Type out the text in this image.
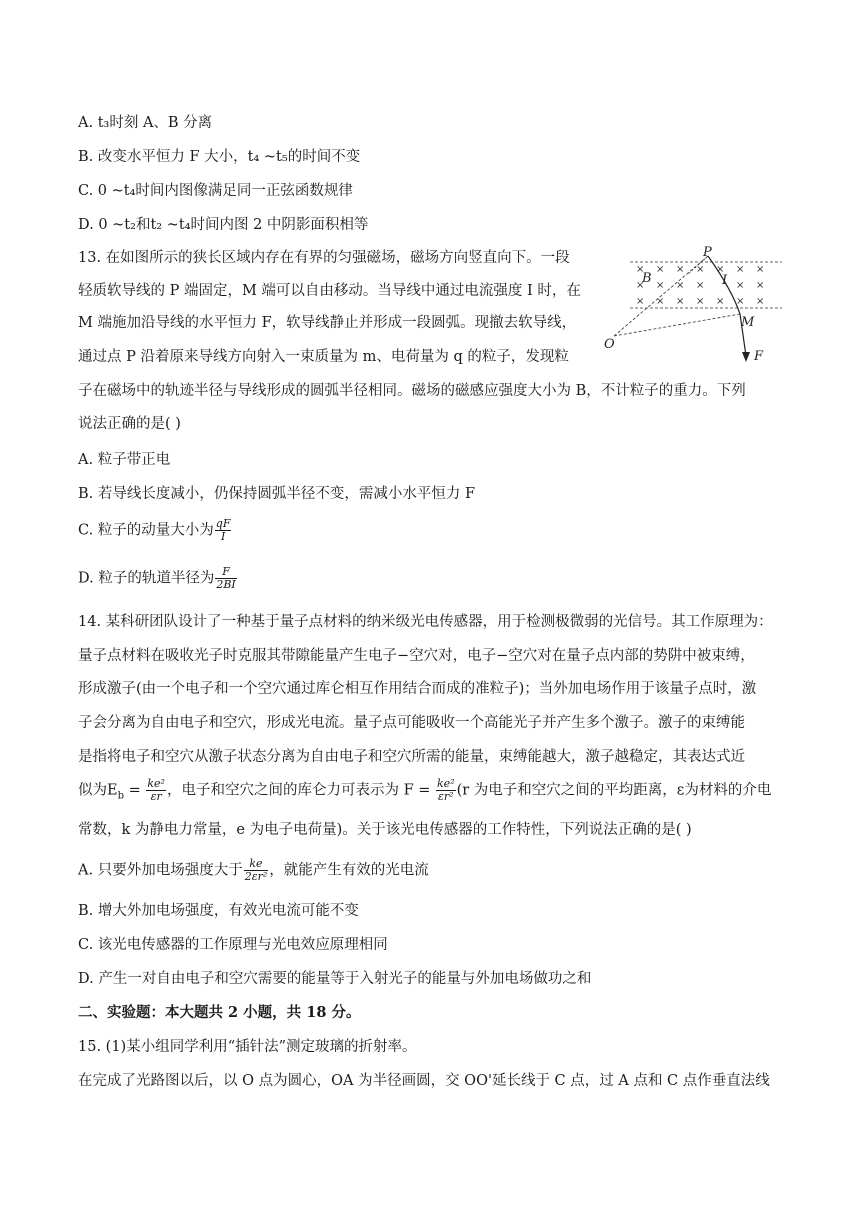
A. t₃时刻 A、B 分离
B. 改变水平恒力 F 大小，t₄ ~t₅的时间不变
C. 0 ~t₄时间内图像满足同一正弦函数规律
D. 0 ~t₂和t₂ ~t₄时间内图 2 中阴影面积相等
13. 在如图所示的狭长区域内存在有界的匀强磁场，磁场方向竖直向下。一段
轻质软导线的 P 端固定，M 端可以自由移动。当导线中通过电流强度 I 时，在
M 端施加沿导线的水平恒力 F，软导线静止并形成一段圆弧。现撤去软导线，
通过点 P 沿着原来导线方向射入一束质量为 m、电荷量为 q 的粒子，发现粒
子在磁场中的轨迹半径与导线形成的圆弧半径相同。磁场的磁感应强度大小为 B，不计粒子的重力。下列
说法正确的是( )
× × × × × × ×
× × × ×	× ×
× × × × × × ×
P
B	I
M
O
F
A. 粒子带正电
B. 若导线长度减小，仍保持圆弧半径不变，需减小水平恒力 F
C. 粒子的动量大小为 $\frac{qF}{I}$
D. 粒子的轨道半径为 $\frac{F}{2BI}$
14. 某科研团队设计了一种基于量子点材料的纳米级光电传感器，用于检测极微弱的光信号。其工作原理为：
量子点材料在吸收光子时克服其带隙能量产生电子−空穴对，电子−空穴对在量子点内部的势阱中被束缚，
形成激子(由一个电子和一个空穴通过库仑相互作用结合而成的准粒子)；当外加电场作用于该量子点时，激
子会分离为自由电子和空穴，形成光电流。量子点可能吸收一个高能光子并产生多个激子。激子的束缚能
是指将电子和空穴从激子状态分离为自由电子和空穴所需的能量，束缚能越大，激子越稳定，其表达式近
似为$E_b = \frac{\text{ke²}}{\varepsilon r}$ ，电子和空穴之间的库仑力可表示为 $F = \frac{\text{ke²}}{\text{εr²}} (r$ 为电子和空穴之间的平均距离，ε为材料的介电
常数，k 为静电力常量，e 为电子电荷量)。关于该光电传感器的工作特性，下列说法正确的是( )
A. 只要外加电场强度大于 $\frac{ke}{\text{2εr²}}$ ，就能产生有效的光电流
B. 增大外加电场强度，有效光电流可能不变
C. 该光电传感器的工作原理与光电效应原理相同
D. 产生一对自由电子和空穴需要的能量等于入射光子的能量与外加电场做功之和
二、实验题：本大题共 2 小题，共 18 分。
15. (1)某小组同学利用“插针法”测定玻璃的折射率。
在完成了光路图以后，以 O 点为圆心，OA 为半径画圆，交 OO'延长线于 C 点，过 A 点和 C 点作垂直法线
